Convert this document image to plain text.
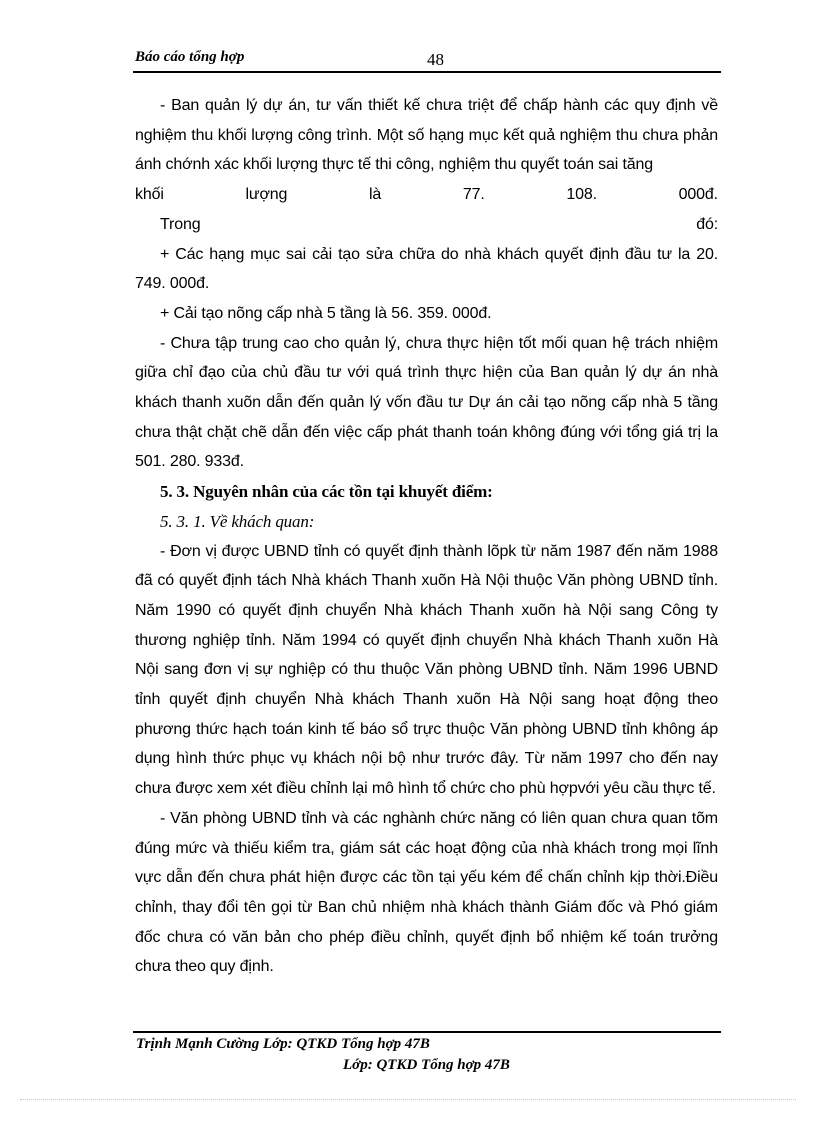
Báo cáo tổng hợp	48

- Ban quản lý dự án, tư vấn thiết kế chưa triệt để chấp hành các quy định về nghiệm thu khối lượng công trình. Một số hạng mục kết quả nghiệm thu chưa phản ánh chớnh xác khối lượng thực tế thi công, nghiệm thu quyết toán sai tăng

khối	lượng	là	77.	108.	000đ.
Trong	đó:

+ Các hạng mục sai cải tạo sửa chữa do nhà khách quyết định đầu tư la 20. 749. 000đ.

+ Cải tạo nõng cấp nhà 5 tầng là 56. 359. 000đ.

- Chưa tập trung cao cho quản lý, chưa thực hiện tốt mối quan hệ trách nhiệm giữa chỉ đạo của chủ đầu tư với quá trình thực hiện của Ban quản lý dự án nhà khách thanh xuõn dẫn đến quản lý vốn đầu tư Dự án cải tạo nõng cấp nhà 5 tầng chưa thật chặt chẽ dẫn đến việc cấp phát thanh toán không đúng với tổng giá trị la 501. 280. 933đ.

5. 3. Nguyên nhân của các tồn tại khuyết điểm:

5. 3. 1. Về khách quan:

- Đơn vị được UBND tỉnh có quyết định thành lõpk từ năm 1987 đến năm 1988 đã có quyết định tách Nhà khách Thanh xuõn Hà Nội thuộc Văn phòng UBND tỉnh. Năm 1990 có quyết định chuyển Nhà khách Thanh xuõn hà Nội sang Công ty thương nghiệp tỉnh. Năm 1994 có quyết định chuyển Nhà khách Thanh xuõn Hà Nội sang đơn vị sự nghiệp có thu thuộc Văn phòng UBND tỉnh. Năm 1996 UBND tỉnh quyết định chuyển Nhà khách Thanh xuõn Hà Nội sang hoạt động theo phương thức hạch toán kinh tế báo sổ trực thuộc Văn phòng UBND tỉnh không áp dụng hình thức phục vụ khách nội bộ như trước đây. Từ năm 1997 cho đến nay chưa được xem xét điều chỉnh lại mô hình tổ chức cho phù hợpvới yêu cầu thực tế.

- Văn phòng UBND tỉnh và các nghành chức năng có liên quan chưa quan tõm đúng mức và thiếu kiểm tra, giám sát các hoạt động của nhà khách trong mọi lĩnh vực dẫn đến chưa phát hiện được các tồn tại yếu kém để chấn chỉnh kịp thời.Điều chỉnh, thay đổi tên gọi từ Ban chủ nhiệm nhà khách thành Giám đốc và Phó giám đốc chưa có văn bản cho phép điều chỉnh, quyết định bổ nhiệm kế toán trưởng chưa theo quy định.

Trịnh Mạnh Cường Lớp: QTKD Tổng hợp 47B
Lớp: QTKD Tổng hợp 47B
